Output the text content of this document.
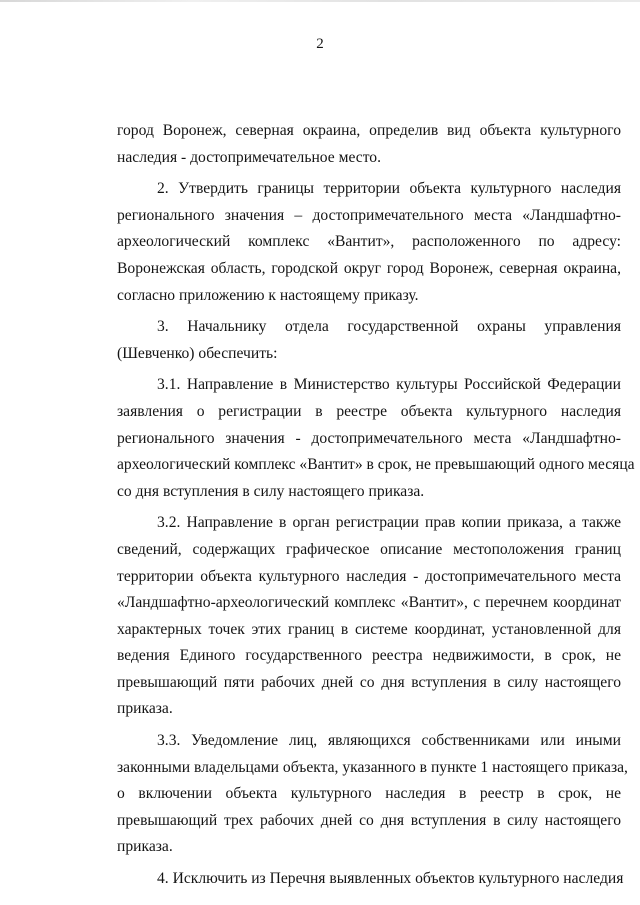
2
город Воронеж, северная окраина, определив вид объекта культурного
наследия - достопримечательное место.
2. Утвердить границы территории объекта культурного наследия
регионального значения – достопримечательного места «Ландшафтно-
археологический комплекс «Вантит», расположенного по адресу:
Воронежская область, городской округ город Воронеж, северная окраина,
согласно приложению к настоящему приказу.
3. Начальнику отдела государственной охраны управления
(Шевченко) обеспечить:
3.1. Направление в Министерство культуры Российской Федерации
заявления о регистрации в реестре объекта культурного наследия
регионального значения - достопримечательного места «Ландшафтно-
археологический комплекс «Вантит» в срок, не превышающий одного месяца
со дня вступления в силу настоящего приказа.
3.2. Направление в орган регистрации прав копии приказа, а также
сведений, содержащих графическое описание местоположения границ
территории объекта культурного наследия - достопримечательного места
«Ландшафтно-археологический комплекс «Вантит», с перечнем координат
характерных точек этих границ в системе координат, установленной для
ведения Единого государственного реестра недвижимости, в срок, не
превышающий пяти рабочих дней со дня вступления в силу настоящего
приказа.
3.3. Уведомление лиц, являющихся собственниками или иными
законными владельцами объекта, указанного в пункте 1 настоящего приказа,
о включении объекта культурного наследия в реестр в срок, не
превышающий трех рабочих дней со дня вступления в силу настоящего
приказа.
4. Исключить из Перечня выявленных объектов культурного наследия
